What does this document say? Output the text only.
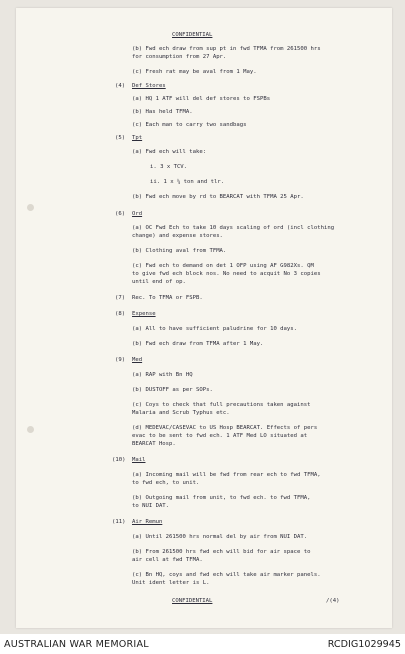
CONFIDENTIAL
(b) Fwd ech draw from sup pt in fwd TFMA from 261500 hrs
for consumption from 27 Apr.
(c) Fresh rat may be aval from 1 May.
(4) Def Stores
(a) HQ 1 ATF will del def stores to FSPBs
(b) Has held TFMA.
(c) Each man to carry two sandbags
(5) Tpt
(a) Fwd ech will take:
i. 3 x TCV.
ii. 1 x ¼ ton and tlr.
(b) Fwd ech move by rd to BEARCAT with TFMA 25 Apr.
(6) Ord
(a) OC Fwd Ech to take 10 days scaling of ord (incl clothing
change) and expense stores.
(b) Clothing aval from TFMA.
(c) Fwd ech to demand on det 1 OFP using AF G982Xs. QM
to give fwd ech block nos. No need to acquit No 3 copies
until end of op.
(7) Rec. To TFMA or FSPB.
(8) Expense
(a) All to have sufficient paludrine for 10 days.
(b) Fwd ech draw from TFMA after 1 May.
(9) Med
(a) RAP with Bn HQ
(b) DUSTOFF as per SOPs.
(c) Coys to check that full precautions taken against
Malaria and Scrub Typhus etc.
(d) MEDEVAC/CASEVAC to US Hosp BEARCAT. Effects of pers
evac to be sent to fwd ech. 1 ATF Med LO situated at
BEARCAT Hosp.
(10) Mail
(a) Incoming mail will be fwd from rear ech to fwd TFMA,
to fwd ech, to unit.
(b) Outgoing mail from unit, to fwd ech. to fwd TFMA,
to NUI DAT.
(11) Air Remun
(a) Until 261500 hrs normal del by air from NUI DAT.
(b) From 261500 hrs fwd ech will bid for air space to
air cell at fwd TFMA.
(c) Bn HQ, coys and fwd ech will take air marker panels.
Unit ident letter is L.
CONFIDENTIAL	/(4)
AUSTRALIAN WAR MEMORIAL	RCDIG1029945
